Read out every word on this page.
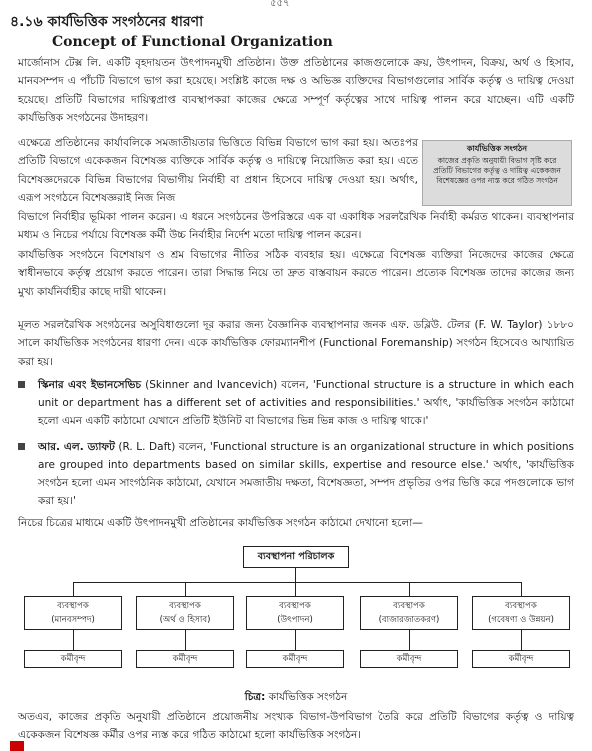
৫৫৭
৪.১৬ কার্যভিত্তিক সংগঠনের ধারণা
Concept of Functional Organization
মার্জোনাস টেক্স লি. একটি বৃহদায়তন উৎপাদনমুখী প্রতিষ্ঠান। উক্ত প্রতিষ্ঠানের কাজগুলোকে ক্রয়, উৎপাদন, বিক্রয়, অর্থ ও হিসাব, মানবসম্পদ এ পাঁচটি বিভাগে ভাগ করা হয়েছে। সংশ্লিষ্ট কাজে দক্ষ ও অভিজ্ঞ ব্যক্তিদের বিভাগগুলোর সার্বিক কর্তৃত্ব ও দায়িত্ব দেওয়া হয়েছে। প্রতিটি বিভাগের দায়িত্বপ্রাপ্ত ব্যবস্থাপকরা কাজের ক্ষেত্রে সম্পূর্ণ কর্তৃত্বের সাথে দায়িত্ব পালন করে যাচ্ছেন। এটি একটি কার্যভিত্তিক সংগঠনের উদাহরণ।
এক্ষেত্রে প্রতিষ্ঠানের কার্যাবলিকে সমজাতীয়তার ভিত্তিতে বিভিন্ন বিভাগে ভাগ করা হয়। অতঃপর প্রতিটি বিভাগে একেকজন বিশেষজ্ঞ ব্যক্তিকে সার্বিক কর্তৃত্ব ও দায়িত্বে নিয়োজিত করা হয়। এতে বিশেষজ্ঞদেরকে বিভিন্ন বিভাগের বিভাগীয় নির্বাহী বা প্রধান হিসেবে দায়িত্ব দেওয়া হয়। অর্থাৎ, এরূপ সংগঠনে বিশেষজ্ঞরাই নিজ নিজ
কার্যভিত্তিক সংগঠন
কাজের প্রকৃতি অনুযায়ী বিভাগ সৃষ্টি করে প্রতিটি বিভাগের কর্তৃত্ব ও দায়িত্ব একেকজন বিশেষজ্ঞের ওপর ন্যস্ত করে গঠিত সংগঠন
বিভাগে নির্বাহীর ভূমিকা পালন করেন। এ ধরনে সংগঠনের উপরিস্তরে এক বা একাধিক সরলরৈখিক নির্বাহী কর্মরত থাকেন। ব্যবস্থাপনার মধ্যম ও নিচের পর্যায়ে বিশেষজ্ঞ কর্মী উচ্চ নির্বাহীর নির্দেশ মতো দায়িত্ব পালন করেন।
কার্যভিত্তিক সংগঠনে বিশেষায়ণ ও শ্রম বিভাগের নীতির সঠিক ব্যবহার হয়। এক্ষেত্রে বিশেষজ্ঞ ব্যক্তিরা নিজেদের কাজের ক্ষেত্রে স্বাধীনভাবে কর্তৃত্ব প্রয়োগ করতে পারেন। তারা সিদ্ধান্ত নিয়ে তা দ্রুত বাস্তবায়ন করতে পারেন। প্রত্যেক বিশেষজ্ঞ তাদের কাজের জন্য মুখ্য কার্যনির্বাহীর কাছে দায়ী থাকেন।
মূলত সরলরৈখিক সংগঠনের অসুবিধাগুলো দূর করার জন্য বৈজ্ঞানিক ব্যবস্থাপনার জনক এফ. ডব্লিউ. টেলর (F. W. Taylor) ১৮৮০ সালে কার্যভিত্তিক সংগঠনের ধারণা দেন। একে কার্যভিত্তিক ফোরম্যানশীপ (Functional Foremanship) সংগঠন হিসেবেও আখ্যায়িত করা হয়।
স্কিনার এবং ইভানসেভিচ (Skinner and Ivancevich) বলেন, 'Functional structure is a structure in which each unit or department has a different set of activities and responsibilities.' অর্থাৎ, 'কার্যভিত্তিক সংগঠন কাঠামো হলো এমন একটি কাঠামো যেখানে প্রতিটি ইউনিট বা বিভাগের ভিন্ন ভিন্ন কাজ ও দায়িত্ব থাকে।'
আর. এল. ড্যাফট (R. L. Daft) বলেন, 'Functional structure is an organizational structure in which positions are grouped into departments based on similar skills, expertise and resource else.' অর্থাৎ, 'কার্যভিত্তিক সংগঠন হলো এমন সাংগঠনিক কাঠামো, যেখানে সমজাতীয় দক্ষতা, বিশেষজ্ঞতা, সম্পদ প্রভৃতির ওপর ভিত্তি করে পদগুলোকে ভাগ করা হয়।'
নিচের চিত্রের মাধ্যমে একটি উৎপাদনমুখী প্রতিষ্ঠানের কার্যভিত্তিক সংগঠন কাঠামো দেখানো হলো—
ব্যবস্থাপনা পরিচালক
ব্যবস্থাপক
(মানবসম্পদ)
ব্যবস্থাপক
(অর্থ ও হিসাব)
ব্যবস্থাপক
(উৎপাদন)
ব্যবস্থাপক
(বাজারজাতকরণ)
ব্যবস্থাপক
(গবেষণা ও উন্নয়ন)
কর্মীবৃন্দ	কর্মীবৃন্দ	কর্মীবৃন্দ	কর্মীবৃন্দ	কর্মীবৃন্দ
চিত্র: কার্যভিত্তিক সংগঠন
অতএব, কাজের প্রকৃতি অনুযায়ী প্রতিষ্ঠানে প্রয়োজনীয় সংখ্যক বিভাগ-উপবিভাগ তৈরি করে প্রতিটি বিভাগের কর্তৃত্ব ও দায়িত্ব একেকজন বিশেষজ্ঞ কর্মীর ওপর ন্যস্ত করে গঠিত কাঠামো হলো কার্যভিত্তিক সংগঠন।
